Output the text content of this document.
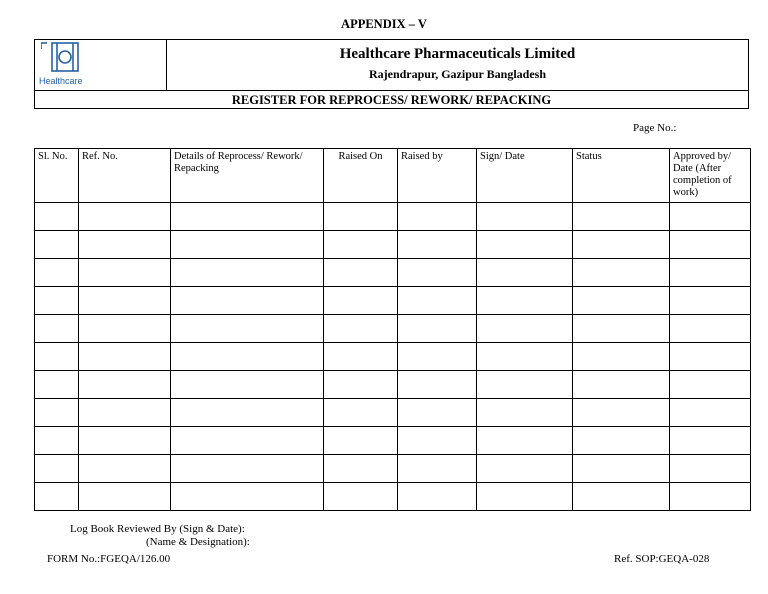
APPENDIX – V
Healthcare
Healthcare Pharmaceuticals Limited
Rajendrapur, Gazipur Bangladesh
REGISTER FOR REPROCESS/ REWORK/ REPACKING
Page No.:
Sl. No.	Ref. No.	Details of Reprocess/ Rework/ Repacking	Raised On	Raised by	Sign/ Date	Status	Approved by/ Date (After completion of work)

Log Book Reviewed By (Sign & Date):
(Name & Designation):
FORM No.:FGEQA/126.00	Ref. SOP:GEQA-028
